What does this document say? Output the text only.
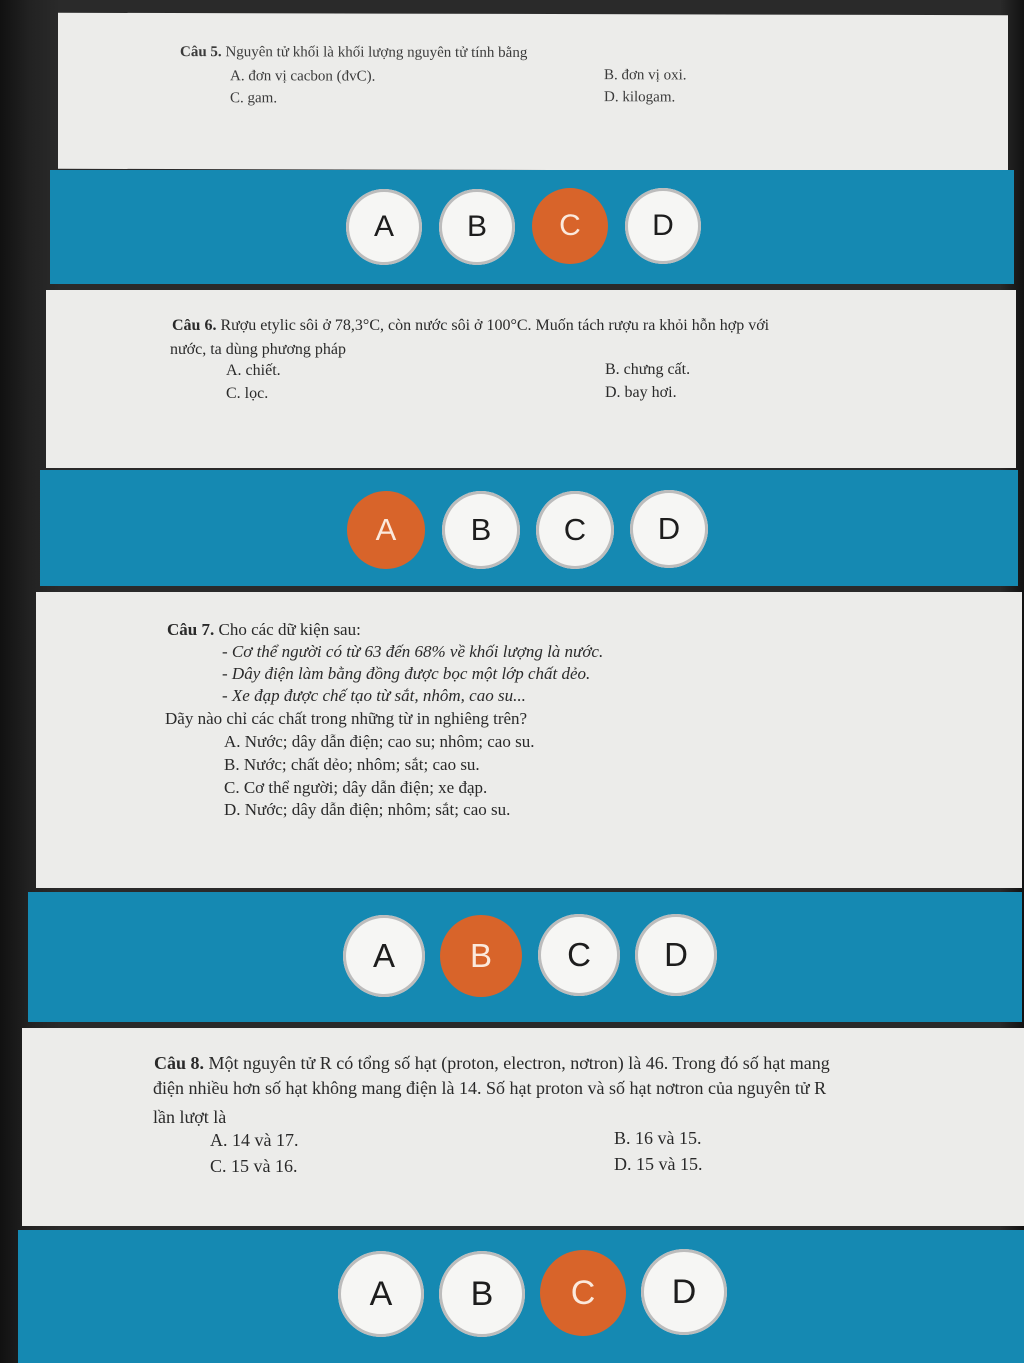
Câu 5. Nguyên tử khối là khối lượng nguyên tử tính bằng
A. đơn vị cacbon (đvC).	B. đơn vị oxi.
C. gam.	D. kilogam.
A	B	C	D
Câu 6. Rượu etylic sôi ở 78,3°C, còn nước sôi ở 100°C. Muốn tách rượu ra khỏi hỗn hợp với
nước, ta dùng phương pháp
A. chiết.	B. chưng cất.
C. lọc.	D. bay hơi.
A	B	C	D
Câu 7. Cho các dữ kiện sau:
- Cơ thể người có từ 63 đến 68% về khối lượng là nước.
- Dây điện làm bằng đồng được bọc một lớp chất dẻo.
- Xe đạp được chế tạo từ sắt, nhôm, cao su...
Dãy nào chỉ các chất trong những từ in nghiêng trên?
A. Nước; dây dẫn điện; cao su; nhôm; cao su.
B. Nước; chất dẻo; nhôm; sắt; cao su.
C. Cơ thể người; dây dẫn điện; xe đạp.
D. Nước; dây dẫn điện; nhôm; sắt; cao su.
A	B	C	D
Câu 8. Một nguyên tử R có tổng số hạt (proton, electron, nơtron) là 46. Trong đó số hạt mang
điện nhiều hơn số hạt không mang điện là 14. Số hạt proton và số hạt nơtron của nguyên tử R
lần lượt là
A. 14 và 17.	B. 16 và 15.
C. 15 và 16.	D. 15 và 15.
A	B	C	D
